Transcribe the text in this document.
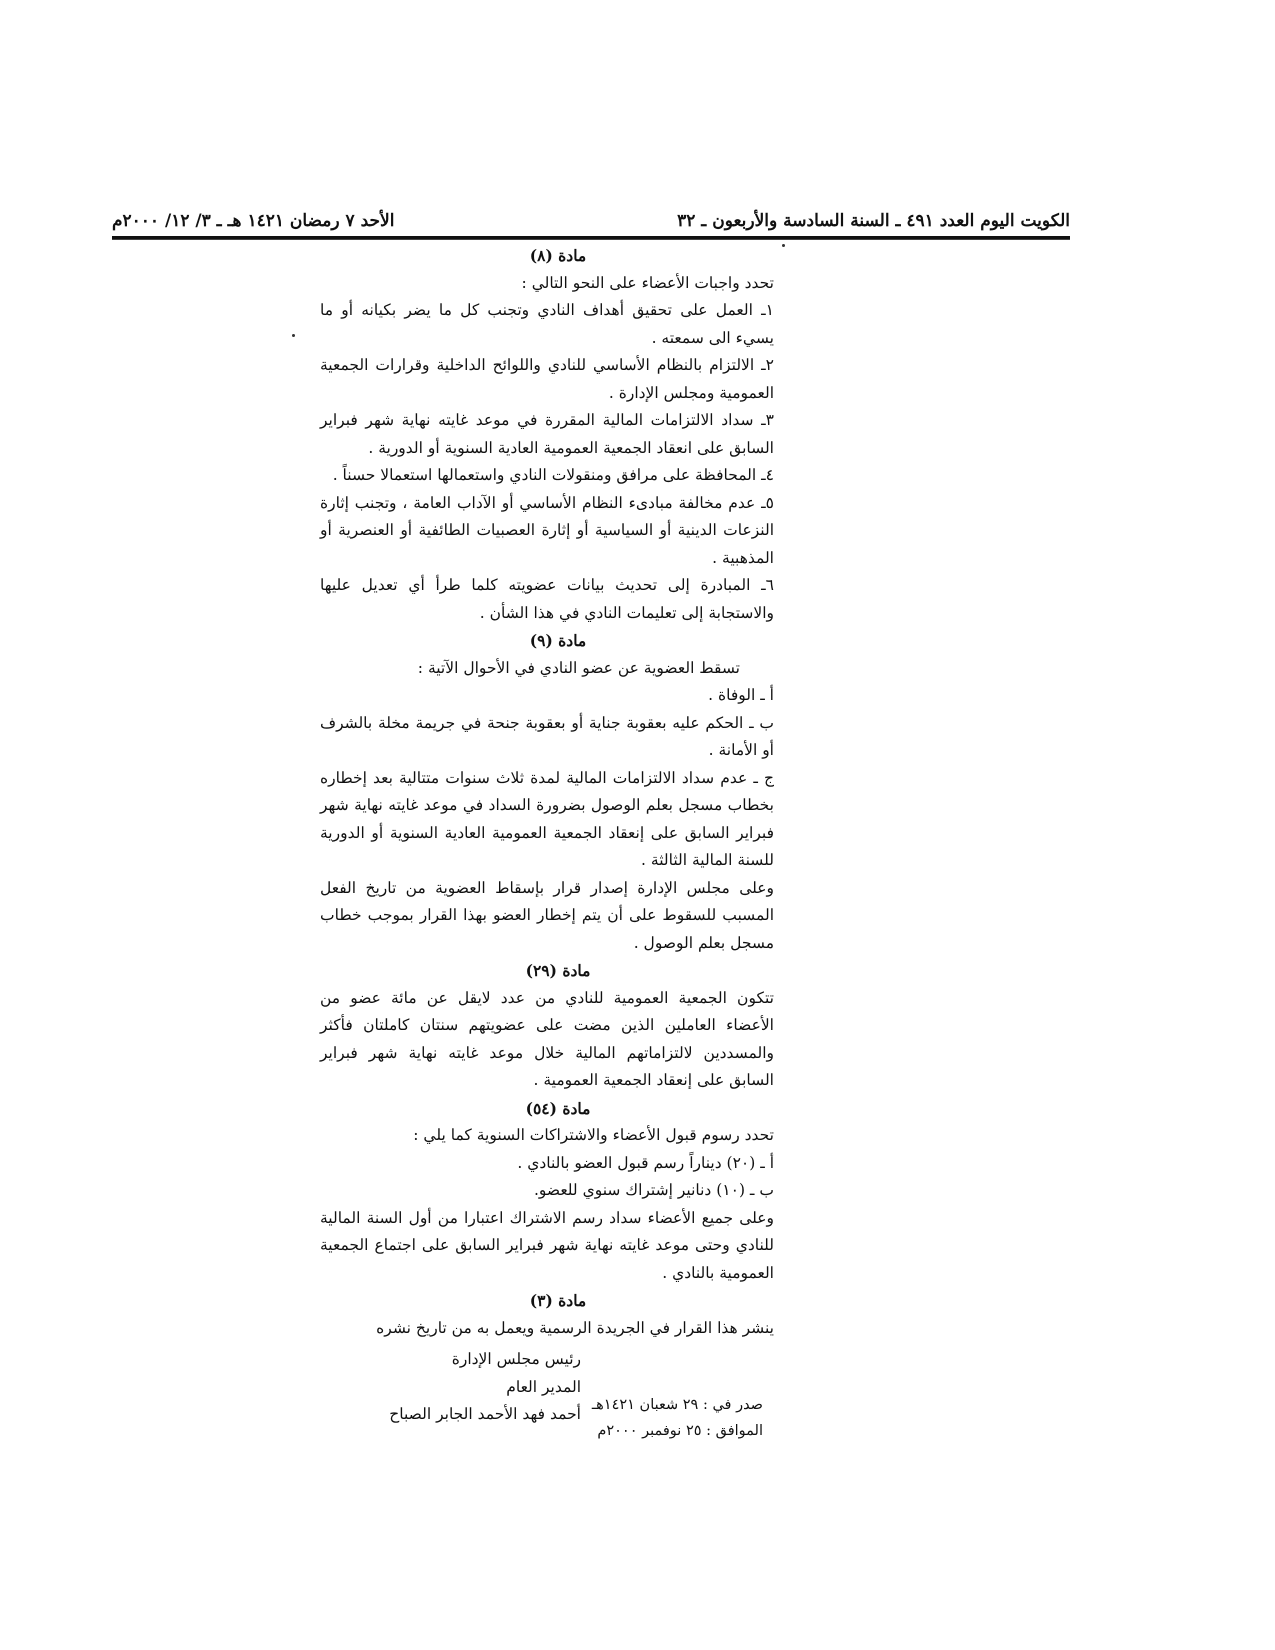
الكويت اليوم العدد ٤٩١ ـ السنة السادسة والأربعون ـ ٣٢
الأحد ٧ رمضان ١٤٢١ هـ ـ ٣/ ١٢/ ٢٠٠٠م

مادة (٨)

تحدد واجبات الأعضاء على النحو التالي :

١ـ العمل على تحقيق أهداف النادي وتجنب كل ما يضر بكيانه أو ما يسيء الى سمعته .

٢ـ الالتزام بالنظام الأساسي للنادي واللوائح الداخلية وقرارات الجمعية العمومية ومجلس الإدارة .

٣ـ سداد الالتزامات المالية المقررة في موعد غايته نهاية شهر فبراير السابق على انعقاد الجمعية العمومية العادية السنوية أو الدورية .

٤ـ المحافظة على مرافق ومنقولات النادي واستعمالها استعمالا حسناً .

٥ـ عدم مخالفة مبادىء النظام الأساسي أو الآداب العامة ، وتجنب إثارة النزعات الدينية أو السياسية أو إثارة العصبيات الطائفية أو العنصرية أو المذهبية .

٦ـ المبادرة إلى تحديث بيانات عضويته كلما طرأ أي تعديل عليها والاستجابة إلى تعليمات النادي في هذا الشأن .

مادة (٩)

تسقط العضوية عن عضو النادي في الأحوال الآتية :

أ ـ الوفاة .

ب ـ الحكم عليه بعقوبة جناية أو بعقوبة جنحة في جريمة مخلة بالشرف أو الأمانة .

ج ـ عدم سداد الالتزامات المالية لمدة ثلاث سنوات متتالية بعد إخطاره بخطاب مسجل بعلم الوصول بضرورة السداد في موعد غايته نهاية شهر فبراير السابق على إنعقاد الجمعية العمومية العادية السنوية أو الدورية للسنة المالية الثالثة .

وعلى مجلس الإدارة إصدار قرار بإسقاط العضوية من تاريخ الفعل المسبب للسقوط على أن يتم إخطار العضو بهذا القرار بموجب خطاب مسجل بعلم الوصول .

مادة (٢٩)

تتكون الجمعية العمومية للنادي من عدد لايقل عن مائة عضو من الأعضاء العاملين الذين مضت على عضويتهم سنتان كاملتان فأكثر والمسددين لالتزاماتهم المالية خلال موعد غايته نهاية شهر فبراير السابق على إنعقاد الجمعية العمومية .

مادة (٥٤)

تحدد رسوم قبول الأعضاء والاشتراكات السنوية كما يلي :

أ ـ (٢٠) ديناراً رسم قبول العضو بالنادي .

ب ـ (١٠) دنانير إشتراك سنوي للعضو.

وعلى جميع الأعضاء سداد رسم الاشتراك اعتبارا من أول السنة المالية للنادي وحتى موعد غايته نهاية شهر فبراير السابق على اجتماع الجمعية العمومية بالنادي .

مادة (٣)

ينشر هذا القرار في الجريدة الرسمية ويعمل به من تاريخ نشره

رئيس مجلس الإدارة
المدير العام
أحمد فهد الأحمد الجابر الصباح صدر في : ٢٩ شعبان ١٤٢١هـ
الموافق : ٢٥ نوفمبر ٢٠٠٠م
